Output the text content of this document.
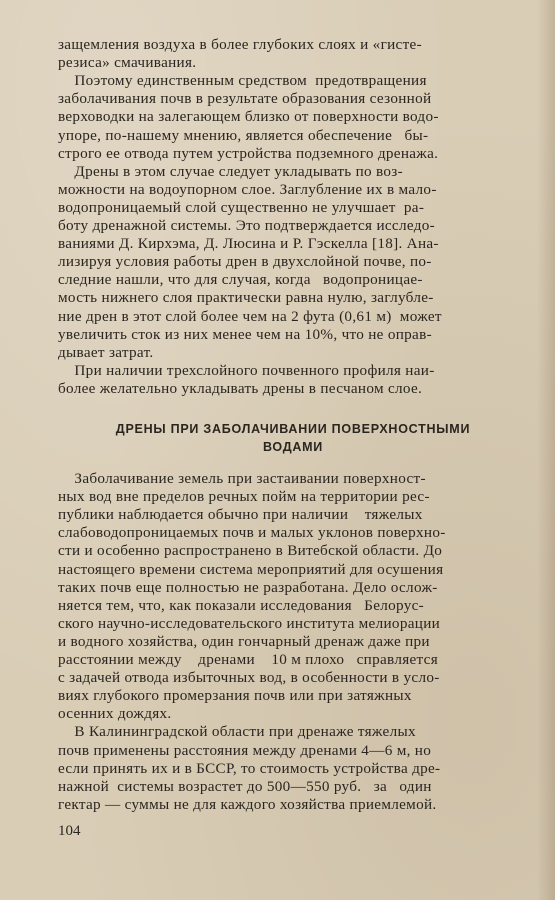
защемления воздуха в более глубоких слоях и «гисте-
резиса» смачивания.
Поэтому единственным средством  предотвращения
заболачивания почв в результате образования сезонной
верховодки на залегающем близко от поверхности водо-
упоре, по-нашему мнению, является обеспечение   бы-
строго ее отвода путем устройства подземного дренажа.
Дрены в этом случае следует укладывать по воз-
можности на водоупорном слое. Заглубление их в мало-
водопроницаемый слой существенно не улучшает  ра-
боту дренажной системы. Это подтверждается исследо-
ваниями Д. Кирхэма, Д. Люсина и Р. Гэскелла [18]. Ана-
лизируя условия работы дрен в двухслойной почве, по-
следние нашли, что для случая, когда   водопроницае-
мость нижнего слоя практически равна нулю, заглубле-
ние дрен в этот слой более чем на 2 фута (0,61 м)  может
увеличить сток из них менее чем на 10%, что не оправ-
дывает затрат.
При наличии трехслойного почвенного профиля наи-
более желательно укладывать дрены в песчаном слое.
ДРЕНЫ ПРИ ЗАБОЛАЧИВАНИИ ПОВЕРХНОСТНЫМИ
ВОДАМИ
Заболачивание земель при застаивании поверхност-
ных вод вне пределов речных пойм на территории рес-
публики наблюдается обычно при наличии    тяжелых
слабоводопроницаемых почв и малых уклонов поверхно-
сти и особенно распространено в Витебской области. До
настоящего времени система мероприятий для осушения
таких почв еще полностью не разработана. Дело ослож-
няется тем, что, как показали исследования   Белорус-
ского научно-исследовательского института мелиорации
и водного хозяйства, один гончарный дренаж даже при
расстоянии между    дренами    10 м плохо   справляется
с задачей отвода избыточных вод, в особенности в усло-
виях глубокого промерзания почв или при затяжных
осенних дождях.
В Калининградской области при дренаже тяжелых
почв применены расстояния между дренами 4—6 м, но
если принять их и в БССР, то стоимость устройства дре-
нажной  системы возрастет до 500—550 руб.   за   один
гектар — суммы не для каждого хозяйства приемлемой.
104
